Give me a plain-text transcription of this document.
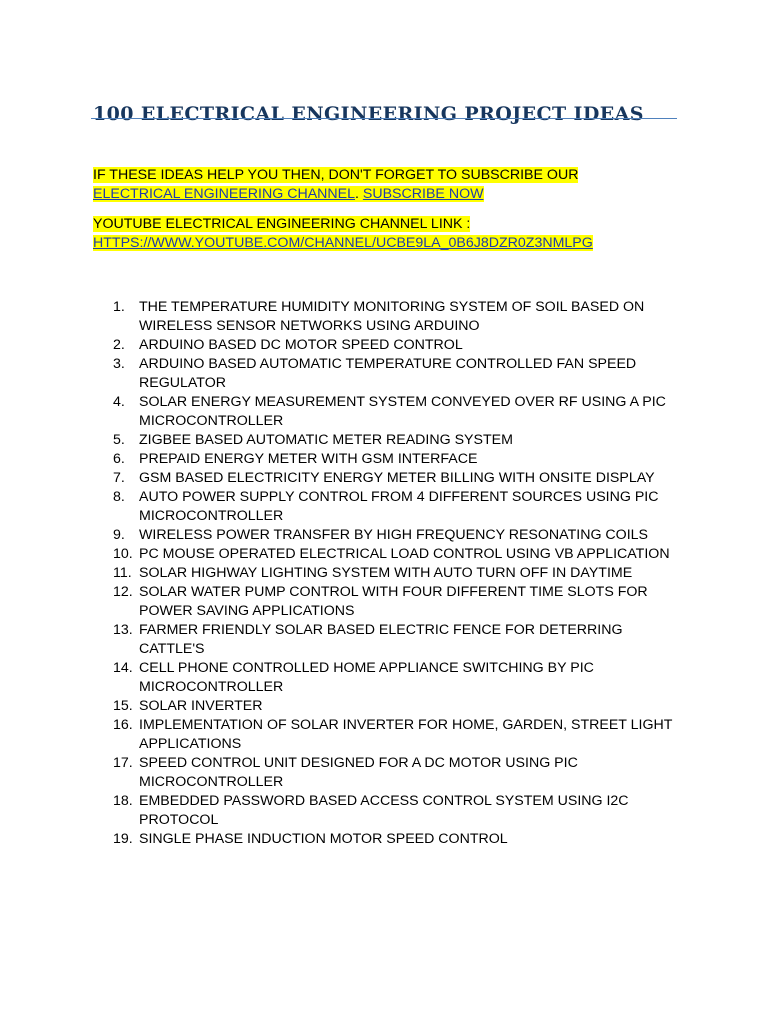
100 ELECTRICAL ENGINEERING PROJECT IDEAS

IF THESE IDEAS HELP YOU THEN, DON'T FORGET TO SUBSCRIBE OUR ELECTRICAL ENGINEERING CHANNEL. SUBSCRIBE NOW

YOUTUBE ELECTRICAL ENGINEERING CHANNEL LINK :
HTTPS://WWW.YOUTUBE.COM/CHANNEL/UCBE9LA_0B6J8DZR0Z3NMLPG

1. THE TEMPERATURE HUMIDITY MONITORING SYSTEM OF SOIL BASED ON WIRELESS SENSOR NETWORKS USING ARDUINO
2. ARDUINO BASED DC MOTOR SPEED CONTROL
3. ARDUINO BASED AUTOMATIC TEMPERATURE CONTROLLED FAN SPEED REGULATOR
4. SOLAR ENERGY MEASUREMENT SYSTEM CONVEYED OVER RF USING A PIC MICROCONTROLLER
5. ZIGBEE BASED AUTOMATIC METER READING SYSTEM
6. PREPAID ENERGY METER WITH GSM INTERFACE
7. GSM BASED ELECTRICITY ENERGY METER BILLING WITH ONSITE DISPLAY
8. AUTO POWER SUPPLY CONTROL FROM 4 DIFFERENT SOURCES USING PIC MICROCONTROLLER
9. WIRELESS POWER TRANSFER BY HIGH FREQUENCY RESONATING COILS
10. PC MOUSE OPERATED ELECTRICAL LOAD CONTROL USING VB APPLICATION
11. SOLAR HIGHWAY LIGHTING SYSTEM WITH AUTO TURN OFF IN DAYTIME
12. SOLAR WATER PUMP CONTROL WITH FOUR DIFFERENT TIME SLOTS FOR POWER SAVING APPLICATIONS
13. FARMER FRIENDLY SOLAR BASED ELECTRIC FENCE FOR DETERRING CATTLE'S
14. CELL PHONE CONTROLLED HOME APPLIANCE SWITCHING BY PIC MICROCONTROLLER
15. SOLAR INVERTER
16. IMPLEMENTATION OF SOLAR INVERTER FOR HOME, GARDEN, STREET LIGHT APPLICATIONS
17. SPEED CONTROL UNIT DESIGNED FOR A DC MOTOR USING PIC MICROCONTROLLER
18. EMBEDDED PASSWORD BASED ACCESS CONTROL SYSTEM USING I2C PROTOCOL
19. SINGLE PHASE INDUCTION MOTOR SPEED CONTROL
